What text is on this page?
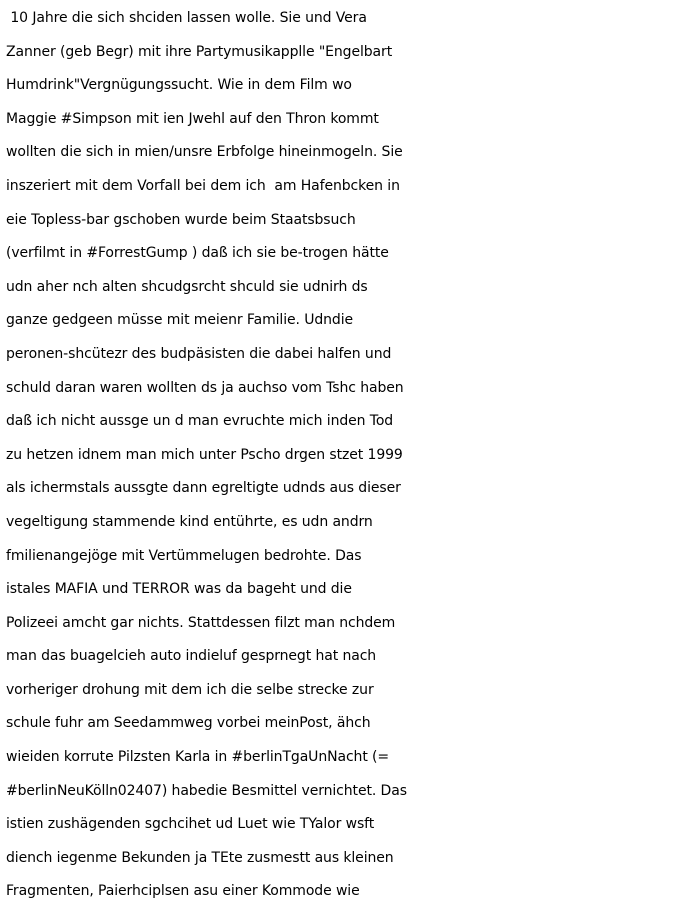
10 Jahre die sich shciden lassen wolle. Sie und Vera
Zanner (geb Begr) mit ihre Partymusikapplle "Engelbart
Humdrink"Vergnügungssucht. Wie in dem Film wo
Maggie #Simpson mit ien Jwehl auf den Thron kommt
wollten die sich in mien/unsre Erbfolge hineinmogeln. Sie
inszeriert mit dem Vorfall bei dem ich  am Hafenbcken in
eie Topless-bar gschoben wurde beim Staatsbsuch
(verfilmt in #ForrestGump ) daß ich sie be-trogen hätte
udn aher nch alten shcudgsrcht shculd sie udnirh ds
ganze gedgeen müsse mit meienr Familie. Udndie
peronen-shcütezr des budpäsisten die dabei halfen und
schuld daran waren wollten ds ja auchso vom Tshc haben
daß ich nicht aussge un d man evruchte mich inden Tod
zu hetzen idnem man mich unter Pscho drgen stzet 1999
als ichermstals aussgte dann egreltigte udnds aus dieser
vegeltigung stammende kind entührte, es udn andrn
fmilienangejöge mit Vertümmelugen bedrohte. Das
istales MAFIA und TERROR was da bageht und die
Polizeei amcht gar nichts. Stattdessen filzt man nchdem
man das buagelcieh auto indieluf gesprnegt hat nach
vorheriger drohung mit dem ich die selbe strecke zur
schule fuhr am Seedammweg vorbei meinPost, ähch
wieiden korrute Pilzsten Karla in #berlinTgaUnNacht (=
#berlinNeuKölln02407) habedie Besmittel vernichtet. Das
istien zushägenden sgchcihet ud Luet wie TYalor wsft
diench iegenme Bekunden ja TEte zusmestt aus kleinen
Fragmenten, Paierhciplsen asu einer Kommode wie
